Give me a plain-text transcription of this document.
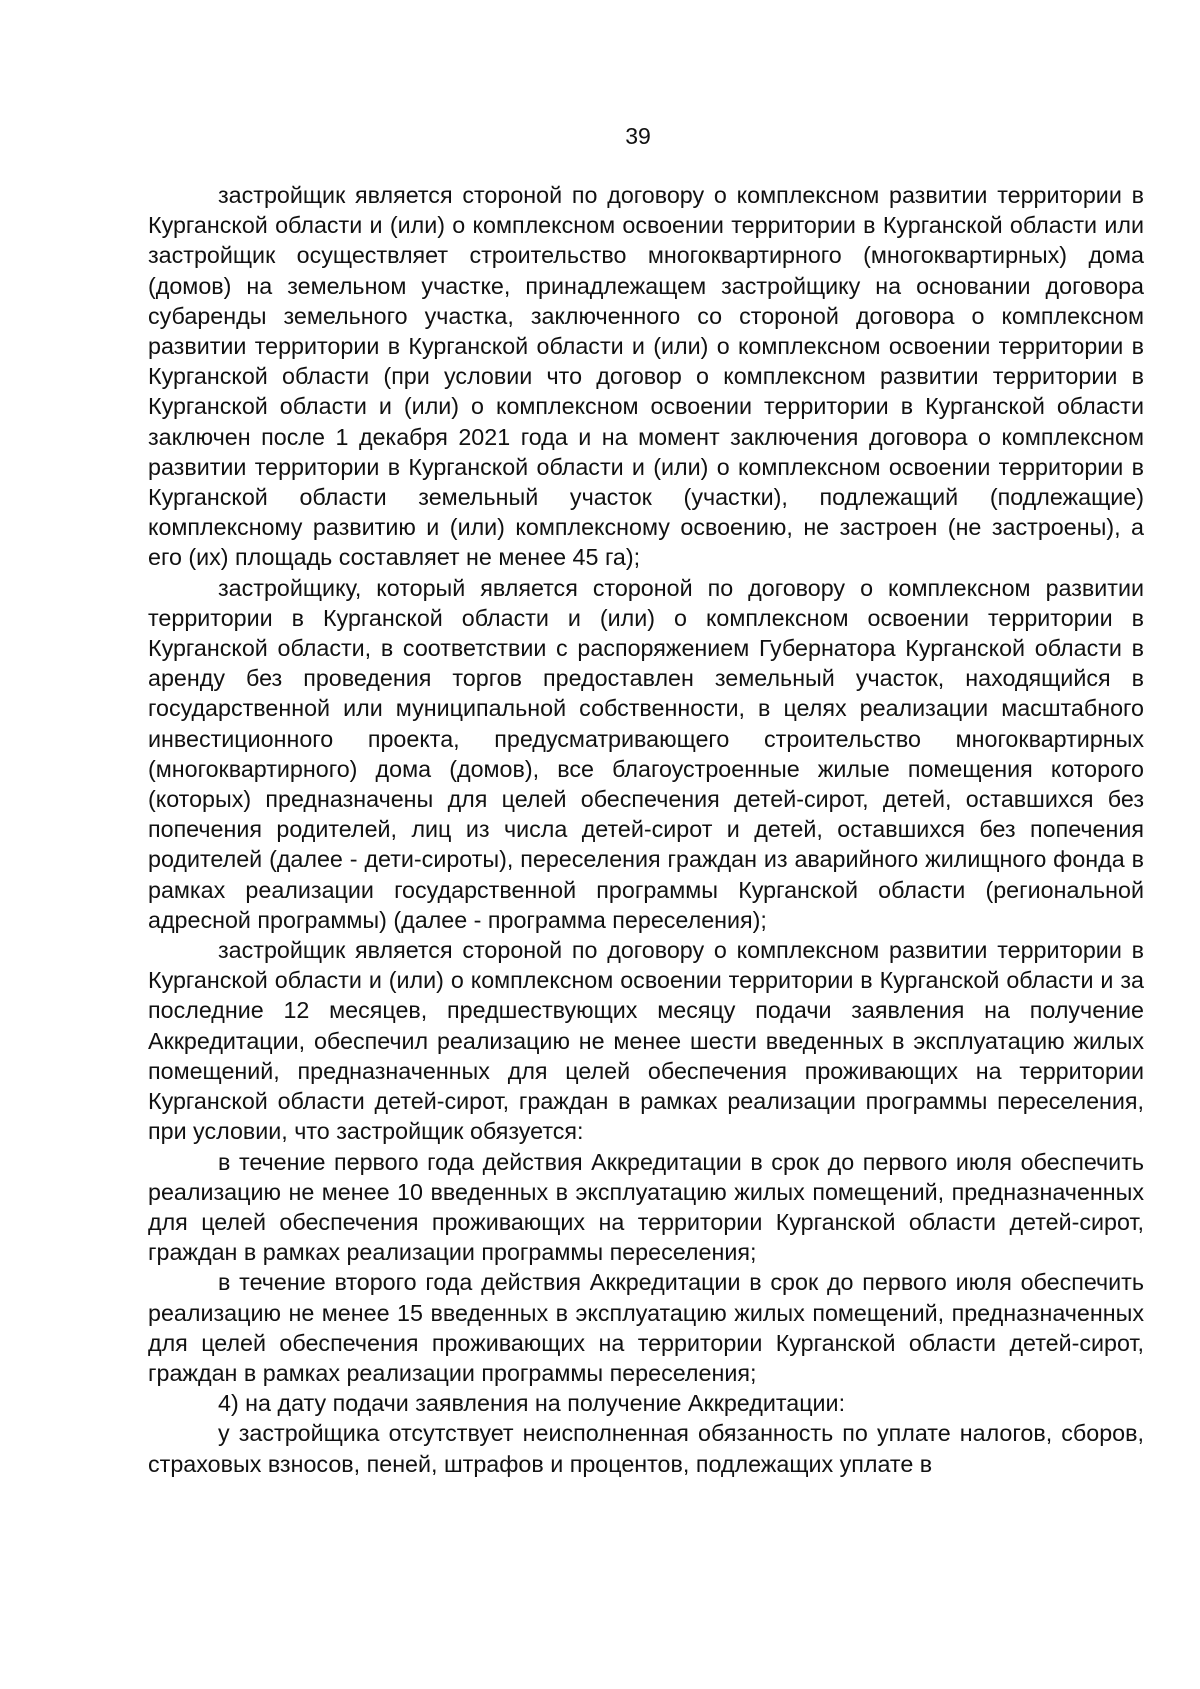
39

застройщик является стороной по договору о комплексном развитии территории в Курганской области и (или) о комплексном освоении территории в Курганской области или застройщик осуществляет строительство многоквартирного (многоквартирных) дома (домов) на земельном участке, принадлежащем застройщику на основании договора субаренды земельного участка, заключенного со стороной договора о комплексном развитии территории в Курганской области и (или) о комплексном освоении территории в Курганской области (при условии что договор о комплексном развитии территории в Курганской области и (или) о комплексном освоении территории в Курганской области заключен после 1 декабря 2021 года и на момент заключения договора о комплексном развитии территории в Курганской области и (или) о комплексном освоении территории в Курганской области земельный участок (участки), подлежащий (подлежащие) комплексному развитию и (или) комплексному освоению, не застроен (не застроены), а его (их) площадь составляет не менее 45 га);

застройщику, который является стороной по договору о комплексном развитии территории в Курганской области и (или) о комплексном освоении территории в Курганской области, в соответствии с распоряжением Губернатора Курганской области в аренду без проведения торгов предоставлен земельный участок, находящийся в государственной или муниципальной собственности, в целях реализации масштабного инвестиционного проекта, предусматривающего строительство многоквартирных (многоквартирного) дома (домов), все благоустроенные жилые помещения которого (которых) предназначены для целей обеспечения детей-сирот, детей, оставшихся без попечения родителей, лиц из числа детей-сирот и детей, оставшихся без попечения родителей (далее - дети-сироты), переселения граждан из аварийного жилищного фонда в рамках реализации государственной программы Курганской области (региональной адресной программы) (далее - программа переселения);

застройщик является стороной по договору о комплексном развитии территории в Курганской области и (или) о комплексном освоении территории в Курганской области и за последние 12 месяцев, предшествующих месяцу подачи заявления на получение Аккредитации, обеспечил реализацию не менее шести введенных в эксплуатацию жилых помещений, предназначенных для целей обеспечения проживающих на территории Курганской области детей-сирот, граждан в рамках реализации программы переселения, при условии, что застройщик обязуется:

в течение первого года действия Аккредитации в срок до первого июля обеспечить реализацию не менее 10 введенных в эксплуатацию жилых помещений, предназначенных для целей обеспечения проживающих на территории Курганской области детей-сирот, граждан в рамках реализации программы переселения;

в течение второго года действия Аккредитации в срок до первого июля обеспечить реализацию не менее 15 введенных в эксплуатацию жилых помещений, предназначенных для целей обеспечения проживающих на территории Курганской области детей-сирот, граждан в рамках реализации программы переселения;

4) на дату подачи заявления на получение Аккредитации:

у застройщика отсутствует неисполненная обязанность по уплате налогов, сборов, страховых взносов, пеней, штрафов и процентов, подлежащих уплате в
